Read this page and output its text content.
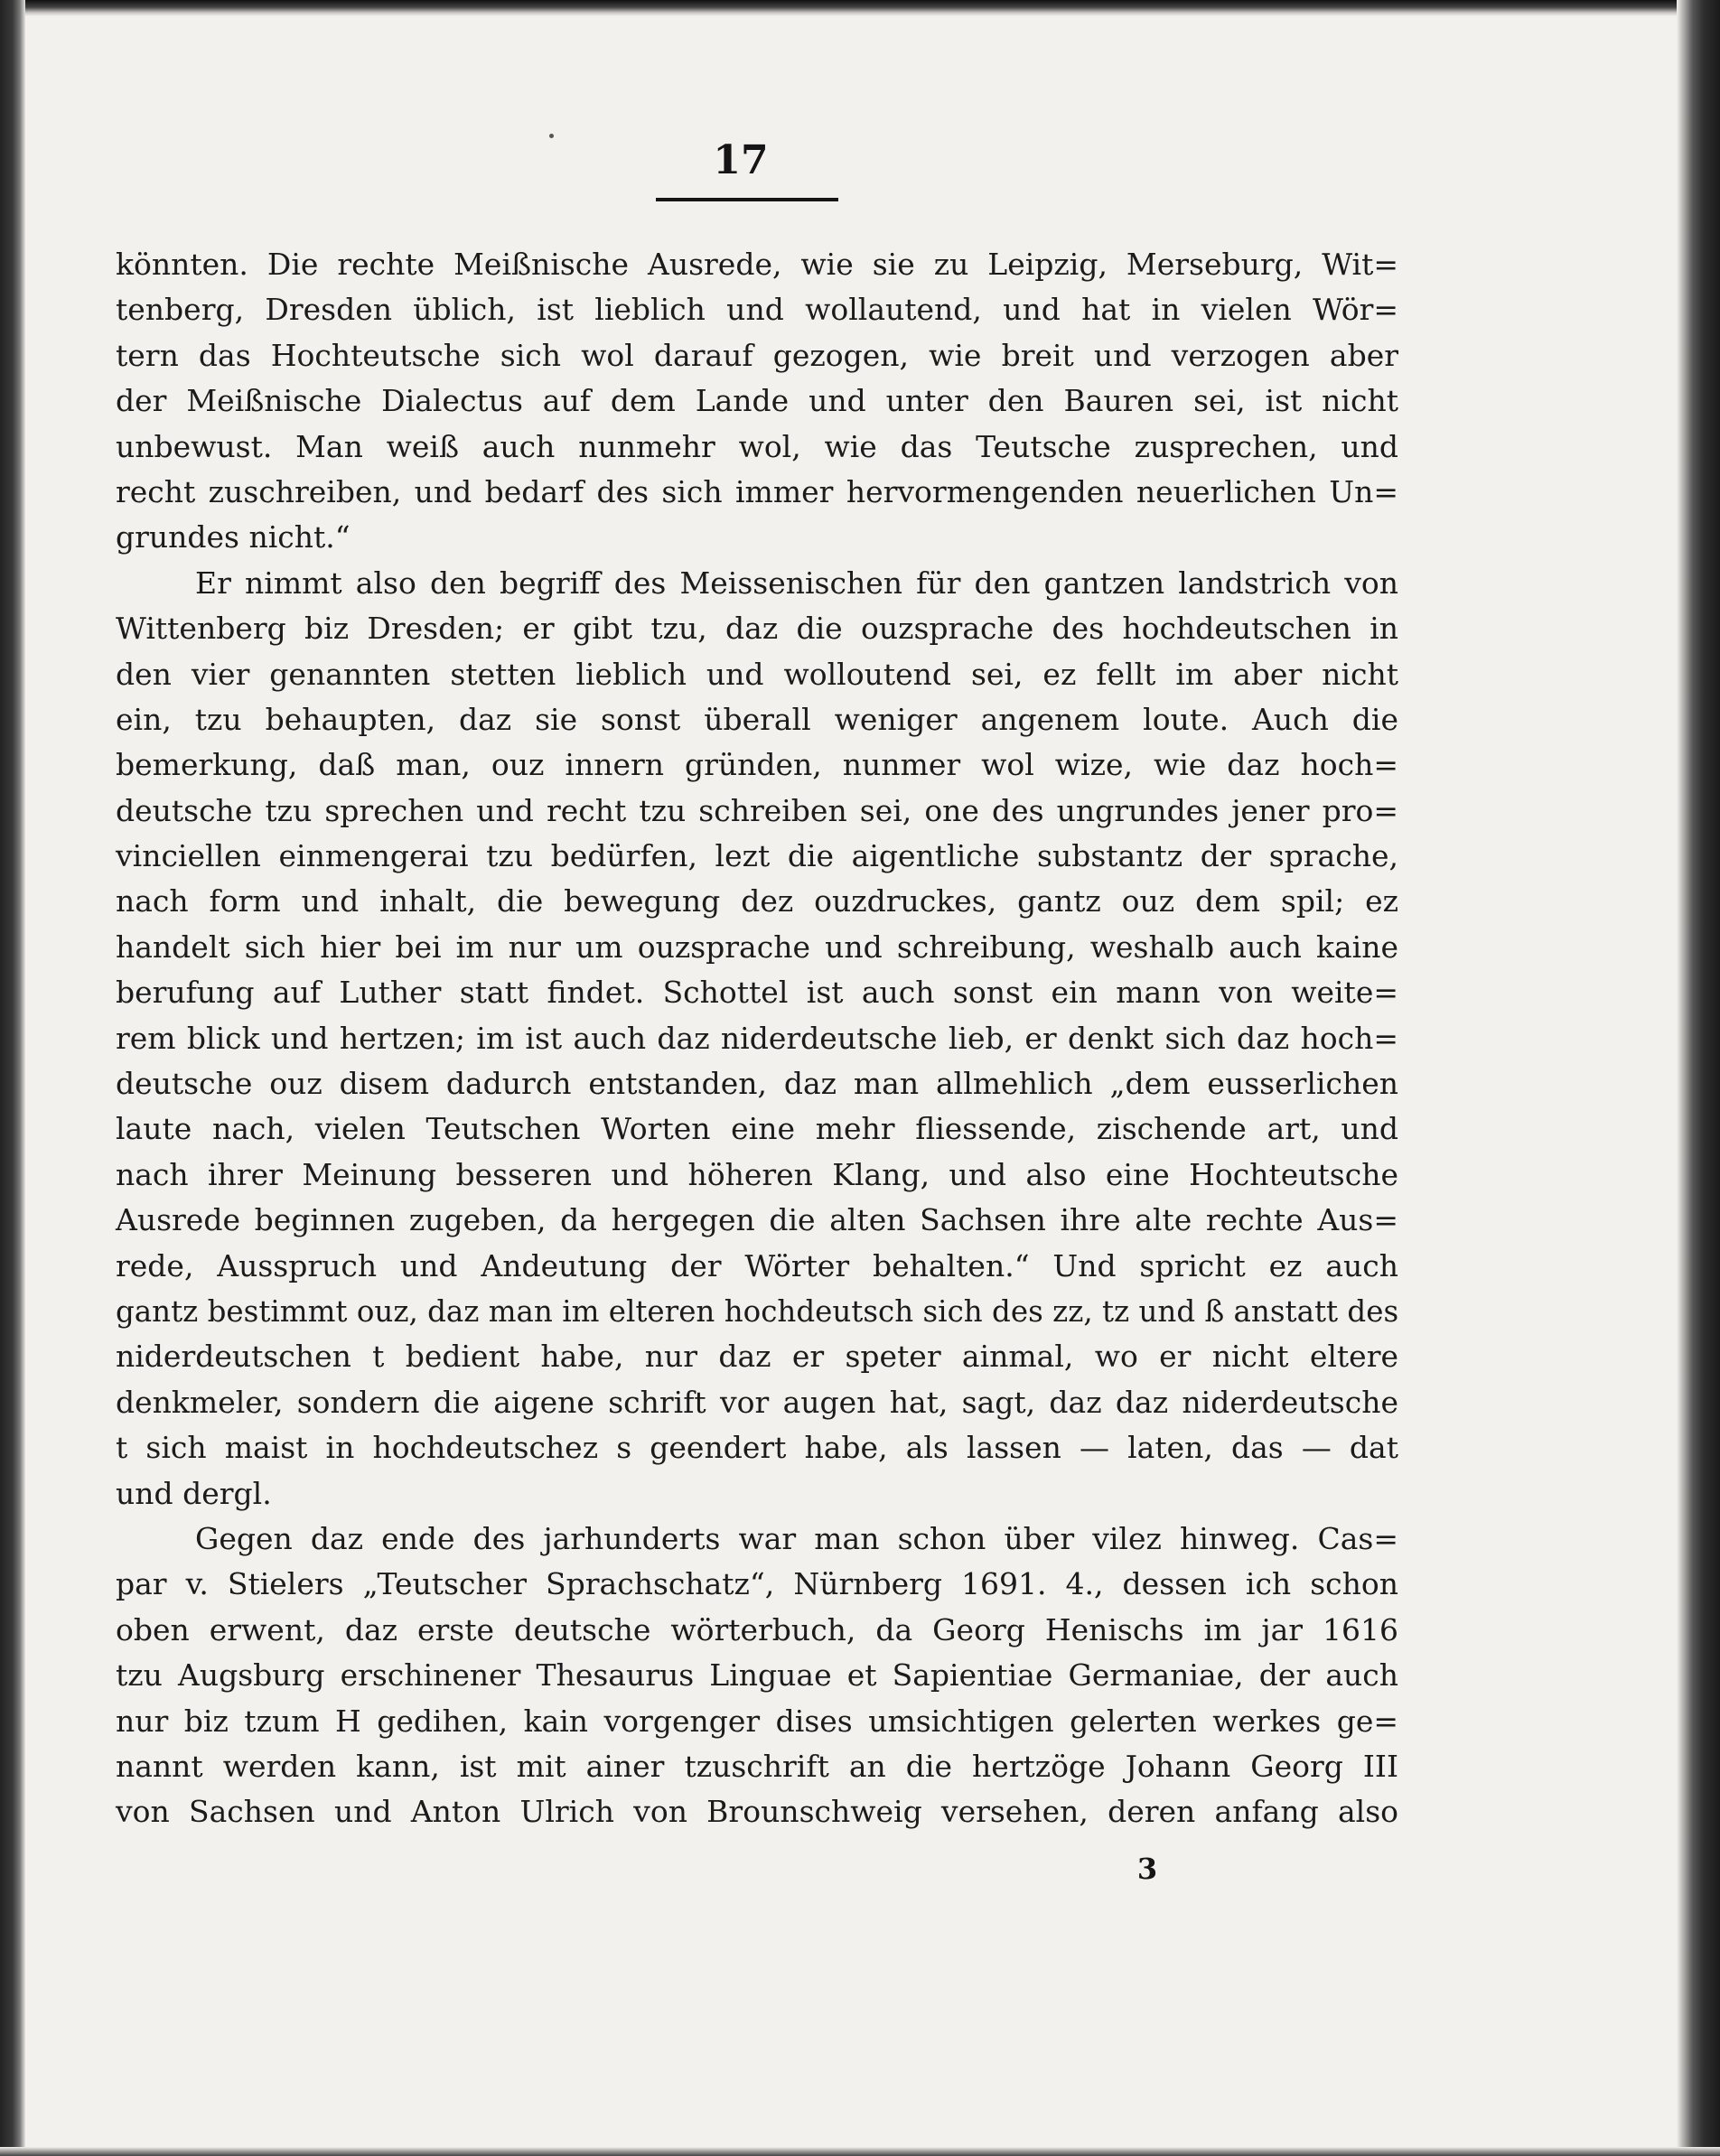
17
könnten. Die rechte Meißnische Ausrede, wie sie zu Leipzig, Merseburg, Wit=
tenberg, Dresden üblich, ist lieblich und wollautend, und hat in vielen Wör=
tern das Hochteutsche sich wol darauf gezogen, wie breit und verzogen aber
der Meißnische Dialectus auf dem Lande und unter den Bauren sei, ist nicht
unbewust. Man weiß auch nunmehr wol, wie das Teutsche zusprechen, und
recht zuschreiben, und bedarf des sich immer hervormengenden neuerlichen Un=
grundes nicht.“
Er nimmt also den begriff des Meissenischen für den gantzen landstrich von
Wittenberg biz Dresden; er gibt tzu, daz die ouzsprache des hochdeutschen in
den vier genannten stetten lieblich und wolloutend sei, ez fellt im aber nicht
ein, tzu behaupten, daz sie sonst überall weniger angenem loute. Auch die
bemerkung, daß man, ouz innern gründen, nunmer wol wize, wie daz hoch=
deutsche tzu sprechen und recht tzu schreiben sei, one des ungrundes jener pro=
vinciellen einmengerai tzu bedürfen, lezt die aigentliche substantz der sprache,
nach form und inhalt, die bewegung dez ouzdruckes, gantz ouz dem spil; ez
handelt sich hier bei im nur um ouzsprache und schreibung, weshalb auch kaine
berufung auf Luther statt findet. Schottel ist auch sonst ein mann von weite=
rem blick und hertzen; im ist auch daz niderdeutsche lieb, er denkt sich daz hoch=
deutsche ouz disem dadurch entstanden, daz man allmehlich „dem eusserlichen
laute nach, vielen Teutschen Worten eine mehr fliessende, zischende art, und
nach ihrer Meinung besseren und höheren Klang, und also eine Hochteutsche
Ausrede beginnen zugeben, da hergegen die alten Sachsen ihre alte rechte Aus=
rede, Ausspruch und Andeutung der Wörter behalten.“ Und spricht ez auch
gantz bestimmt ouz, daz man im elteren hochdeutsch sich des zz, tz und ß anstatt des
niderdeutschen t bedient habe, nur daz er speter ainmal, wo er nicht eltere
denkmeler, sondern die aigene schrift vor augen hat, sagt, daz daz niderdeutsche
t sich maist in hochdeutschez s geendert habe, als lassen — laten, das — dat
und dergl.
Gegen daz ende des jarhunderts war man schon über vilez hinweg. Cas=
par v. Stielers „Teutscher Sprachschatz“, Nürnberg 1691. 4., dessen ich schon
oben erwent, daz erste deutsche wörterbuch, da Georg Henischs im jar 1616
tzu Augsburg erschinener Thesaurus Linguae et Sapientiae Germaniae, der auch
nur biz tzum H gedihen, kain vorgenger dises umsichtigen gelerten werkes ge=
nannt werden kann, ist mit ainer tzuschrift an die hertzöge Johann Georg III
von Sachsen und Anton Ulrich von Brounschweig versehen, deren anfang also
3
